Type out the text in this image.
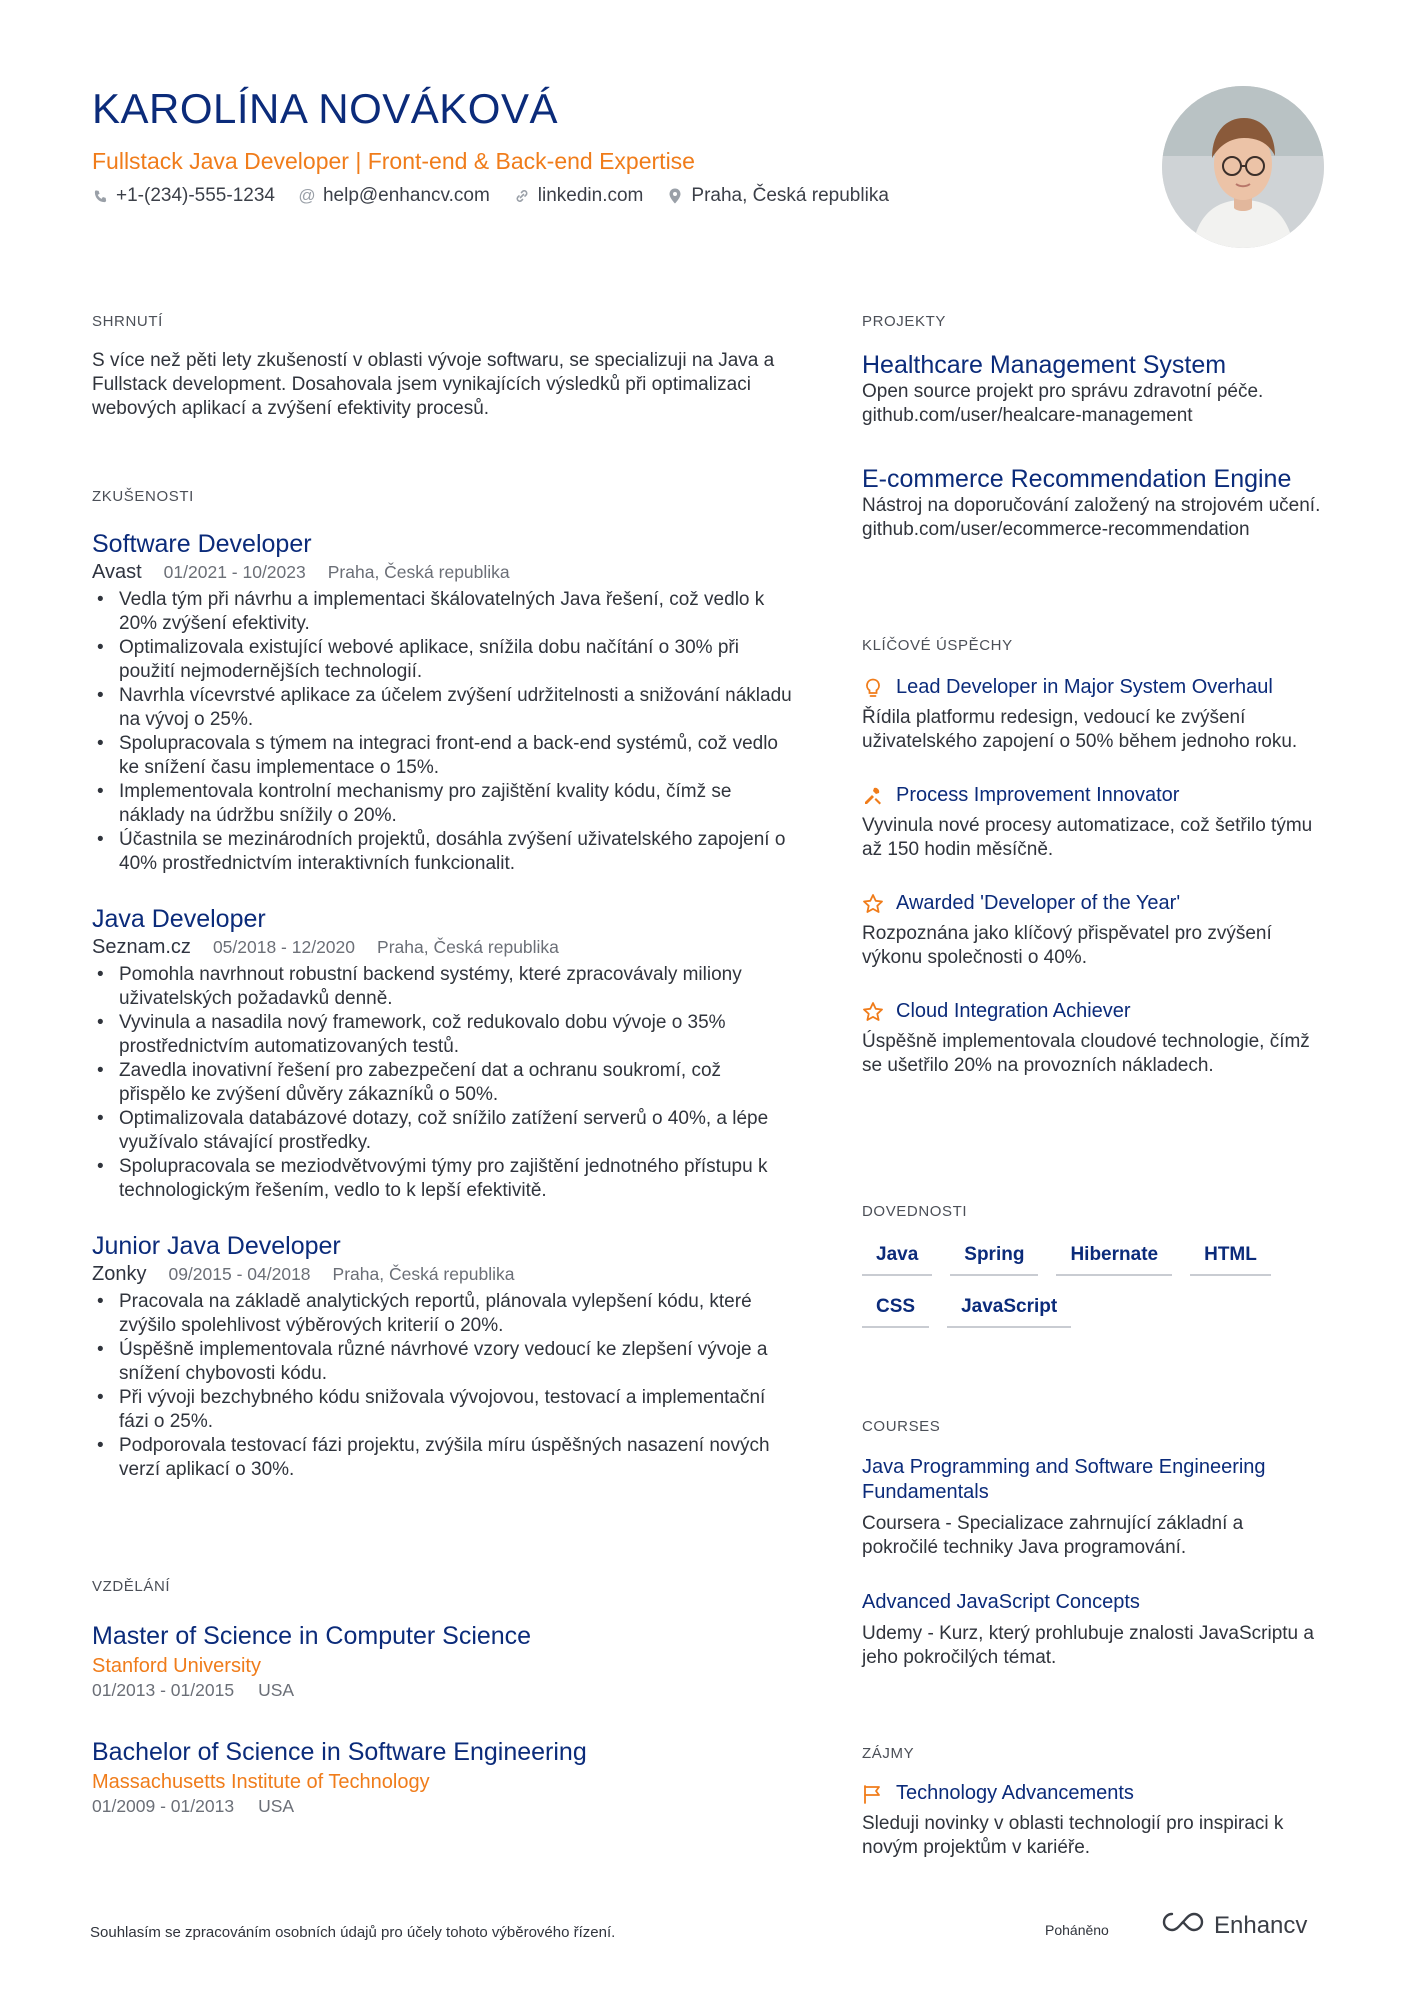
KAROLÍNA NOVÁKOVÁ
Fullstack Java Developer | Front-end & Back-end Expertise
+1-(234)-555-1234 @ help@enhancv.com	linkedin.com	Praha, Česká republika
SHRNUTÍ
S více než pěti lety zkušeností v oblasti vývoje softwaru, se specializuji na Java a Fullstack development. Dosahovala jsem vynikajících výsledků při optimalizaci webových aplikací a zvýšení efektivity procesů.
ZKUŠENOSTI
Software Developer
Avast 01/2021 - 10/2023 Praha, Česká republika
• Vedla tým při návrhu a implementaci škálovatelných Java řešení, což vedlo k 20% zvýšení efektivity.
• Optimalizovala existující webové aplikace, snížila dobu načítání o 30% při použití nejmodernějších technologií.
• Navrhla vícevrstvé aplikace za účelem zvýšení udržitelnosti a snižování nákladu na vývoj o 25%.
• Spolupracovala s týmem na integraci front-end a back-end systémů, což vedlo ke snížení času implementace o 15%.
• Implementovala kontrolní mechanismy pro zajištění kvality kódu, čímž se náklady na údržbu snížily o 20%.
• Účastnila se mezinárodních projektů, dosáhla zvýšení uživatelského zapojení o 40% prostřednictvím interaktivních funkcionalit.
Java Developer
Seznam.cz 05/2018 - 12/2020 Praha, Česká republika
• Pomohla navrhnout robustní backend systémy, které zpracovávaly miliony uživatelských požadavků denně.
• Vyvinula a nasadila nový framework, což redukovalo dobu vývoje o 35% prostřednictvím automatizovaných testů.
• Zavedla inovativní řešení pro zabezpečení dat a ochranu soukromí, což přispělo ke zvýšení důvěry zákazníků o 50%.
• Optimalizovala databázové dotazy, což snížilo zatížení serverů o 40%, a lépe využívalo stávající prostředky.
• Spolupracovala se meziodvětvovými týmy pro zajištění jednotného přístupu k technologickým řešením, vedlo to k lepší efektivitě.
Junior Java Developer
Zonky 09/2015 - 04/2018 Praha, Česká republika
• Pracovala na základě analytických reportů, plánovala vylepšení kódu, které zvýšilo spolehlivost výběrových kriterií o 20%.
• Úspěšně implementovala různé návrhové vzory vedoucí ke zlepšení vývoje a snížení chybovosti kódu.
• Při vývoji bezchybného kódu snižovala vývojovou, testovací a implementační fázi o 25%.
• Podporovala testovací fázi projektu, zvýšila míru úspěšných nasazení nových verzí aplikací o 30%.
VZDĚLÁNÍ
Master of Science in Computer Science
Stanford University
01/2013 - 01/2015 USA
Bachelor of Science in Software Engineering
Massachusetts Institute of Technology
01/2009 - 01/2013 USA
PROJEKTY
Healthcare Management System
Open source projekt pro správu zdravotní péče. github.com/user/healcare-management
E-commerce Recommendation Engine
Nástroj na doporučování založený na strojovém učení. github.com/user/ecommerce-recommendation
KLÍČOVÉ ÚSPĚCHY
Lead Developer in Major System Overhaul
Řídila platformu redesign, vedoucí ke zvýšení uživatelského zapojení o 50% během jednoho roku.
Process Improvement Innovator
Vyvinula nové procesy automatizace, což šetřilo týmu až 150 hodin měsíčně.
Awarded 'Developer of the Year'
Rozpoznána jako klíčový přispěvatel pro zvýšení výkonu společnosti o 40%.
Cloud Integration Achiever
Úspěšně implementovala cloudové technologie, čímž se ušetřilo 20% na provozních nákladech.
DOVEDNOSTI
Java	Spring	Hibernate	HTML
CSS	JavaScript
COURSES
Java Programming and Software Engineering Fundamentals
Coursera - Specializace zahrnující základní a pokročilé techniky Java programování.
Advanced JavaScript Concepts
Udemy - Kurz, který prohlubuje znalosti JavaScriptu a jeho pokročilých témat.
ZÁJMY
Technology Advancements
Sleduji novinky v oblasti technologií pro inspiraci k novým projektům v kariéře.
Souhlasím se zpracováním osobních údajů pro účely tohoto výběrového řízení.	Poháněno	Enhancv
